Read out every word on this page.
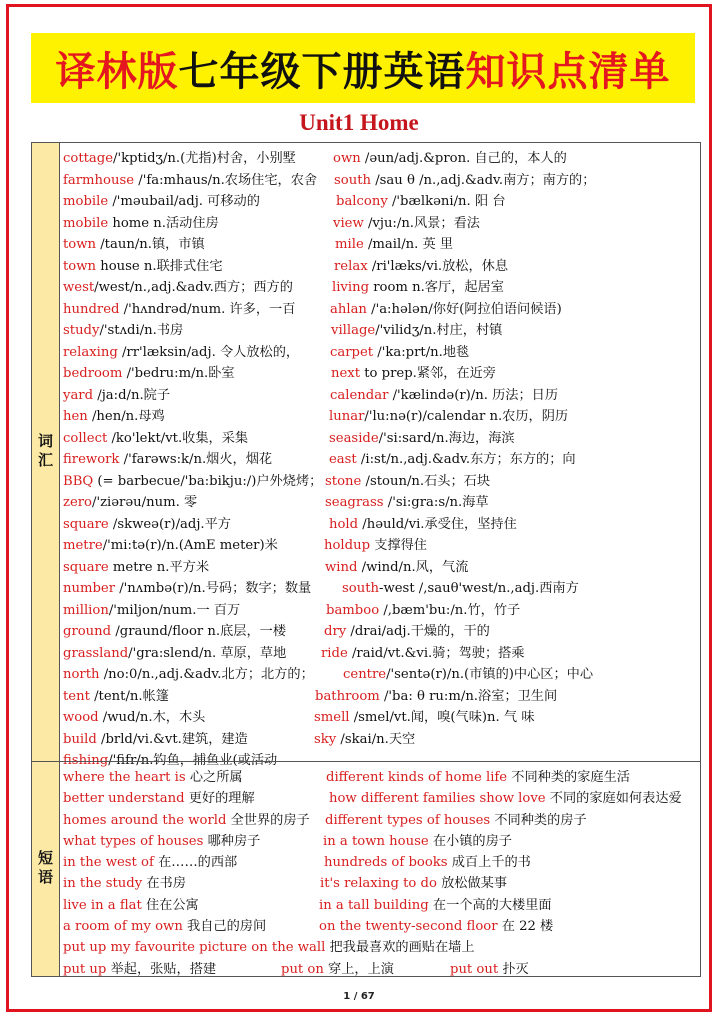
译林版 七年级下册英语 知识点清单
Unit1 Home
词汇
cottage/'kptidʒ/n.(尤指)村舍，小别墅	own /əun/adj.&pron. 自己的，本人的
farmhouse /'fa:mhaus/n.农场住宅，农舍 south /sau θ /n.,adj.&adv.南方；南方的；
mobile /'məubail/adj. 可移动的	balcony /'bælkəni/n. 阳 台
mobile home n.活动住房	view /vju:/n.风景；看法
town /taun/n.镇，市镇	mile /mail/n. 英 里
town house n.联排式住宅	relax /ri'læks/vi.放松，休息
west/west/n.,adj.&adv.西方；西方的	living room n.客厅，起居室
hundred /'hʌndrəd/num. 许多，一百	ahlan /'a:hələn/你好(阿拉伯语问候语)
study/'stʌdi/n.书房	village/'vilidʒ/n.村庄，村镇
relaxing /rr'læksin/adj. 令人放松的， carpet /'ka:prt/n.地毯
bedroom /'bedru:m/n.卧室	next to prep.紧邻，在近旁
yard /ja:d/n.院子	calendar /'kælində(r)/n. 历法；日历
hen /hen/n.母鸡	lunar/'lu:nə(r)/calendar n.农历，阴历
collect /ko'lekt/vt.收集，采集	seaside/'si:sard/n.海边，海滨
firework /'farəws:k/n.烟火，烟花	east /i:st/n.,adj.&adv.东方；东方的；向
BBQ (= barbecue/'ba:bikju:/)户外烧烤； stone /stoun/n.石头；石块
zero/'ziərəu/num. 零	seagrass /'si:gra:s/n.海草
square /skweə(r)/adj.平方	hold /həuld/vi.承受住，坚持住
metre/'mi:tə(r)/n.(AmE meter)米	holdup 支撑得住
square metre n.平方米	wind /wind/n.风，气流
number /'nʌmbə(r)/n.号码；数字；数量 south-west /,sauθ'west/n.,adj.西南方
million/'miljon/num.一 百万	bamboo /,bæm'bu:/n.竹，竹子
ground /graund/floor n.底层，一楼	dry /drai/adj.干燥的，干的
grassland/'gra:slend/n. 草原，草地	ride /raid/vt.&vi.骑；驾驶；搭乘
north /no:0/n.,adj.&adv.北方；北方的； centre/'sentə(r)/n.(市镇的)中心区；中心
tent /tent/n.帐篷	bathroom /'ba: θ ru:m/n.浴室；卫生间
wood /wud/n.木，木头	smell /smel/vt.闻，嗅(气味)n. 气 味
build /brld/vi.&vt.建筑，建造	sky /skai/n.天空
fishing/'fifr/n.钓鱼，捕鱼业(或活动
短语
where the heart is 心之所属	different kinds of home life 不同种类的家庭生活
better understand 更好的理解	how different families show love 不同的家庭如何表达爱
homes around the world 全世界的房子 different types of houses 不同种类的房子
what types of houses 哪种房子	in a town house 在小镇的房子
in the west of 在……的西部	hundreds of books 成百上千的书
in the study 在书房	it's relaxing to do 放松做某事
live in a flat 住在公寓	in a tall building 在一个高的大楼里面
a room of my own 我自己的房间	on the twenty-second floor 在 22 楼
put up my favourite picture on the wall 把我最喜欢的画贴在墙上
put up 举起，张贴，搭建	put on 穿上，上演	put out 扑灭
1 / 67
